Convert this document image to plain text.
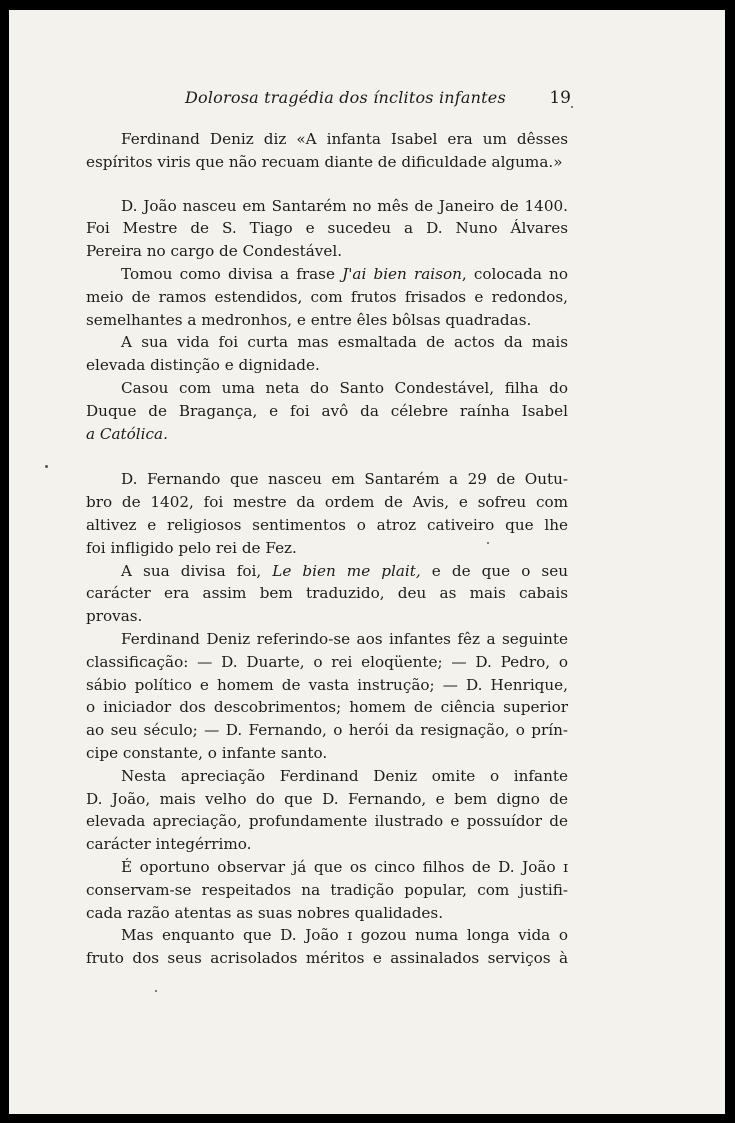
Dolorosa tragédia dos ínclitos infantes	19
Ferdinand Deniz diz «A infanta Isabel era um dêsses
espíritos viris que não recuam diante de dificuldade alguma.»
D. João nasceu em Santarém no mês de Janeiro de 1400.
Foi Mestre de S. Tiago e sucedeu a D. Nuno Álvares
Pereira no cargo de Condestável.
Tomou como divisa a frase J'ai bien raison, colocada no
meio de ramos estendidos, com frutos frisados e redondos,
semelhantes a medronhos, e entre êles bôlsas quadradas.
A sua vida foi curta mas esmaltada de actos da mais
elevada distinção e dignidade.
Casou com uma neta do Santo Condestável, filha do
Duque de Bragança, e foi avô da célebre raínha Isabel
a Católica.
D. Fernando que nasceu em Santarém a 29 de Outu-
bro de 1402, foi mestre da ordem de Avis, e sofreu com
altivez e religiosos sentimentos o atroz cativeiro que lhe
foi infligido pelo rei de Fez.
A sua divisa foi, Le bien me plait, e de que o seu
carácter era assim bem traduzido, deu as mais cabais
provas.
Ferdinand Deniz referindo-se aos infantes fêz a seguinte
classificação: — D. Duarte, o rei eloqüente; — D. Pedro, o
sábio político e homem de vasta instrução; — D. Henrique,
o iniciador dos descobrimentos; homem de ciência superior
ao seu século; — D. Fernando, o herói da resignação, o prín-
cipe constante, o infante santo.
Nesta apreciação Ferdinand Deniz omite o infante
D. João, mais velho do que D. Fernando, e bem digno de
elevada apreciação, profundamente ilustrado e possuídor de
carácter integérrimo.
É oportuno observar já que os cinco filhos de D. João ɪ
conservam-se respeitados na tradição popular, com justifi-
cada razão atentas as suas nobres qualidades.
Mas enquanto que D. João ɪ gozou numa longa vida o
fruto dos seus acrisolados méritos e assinalados serviços à
